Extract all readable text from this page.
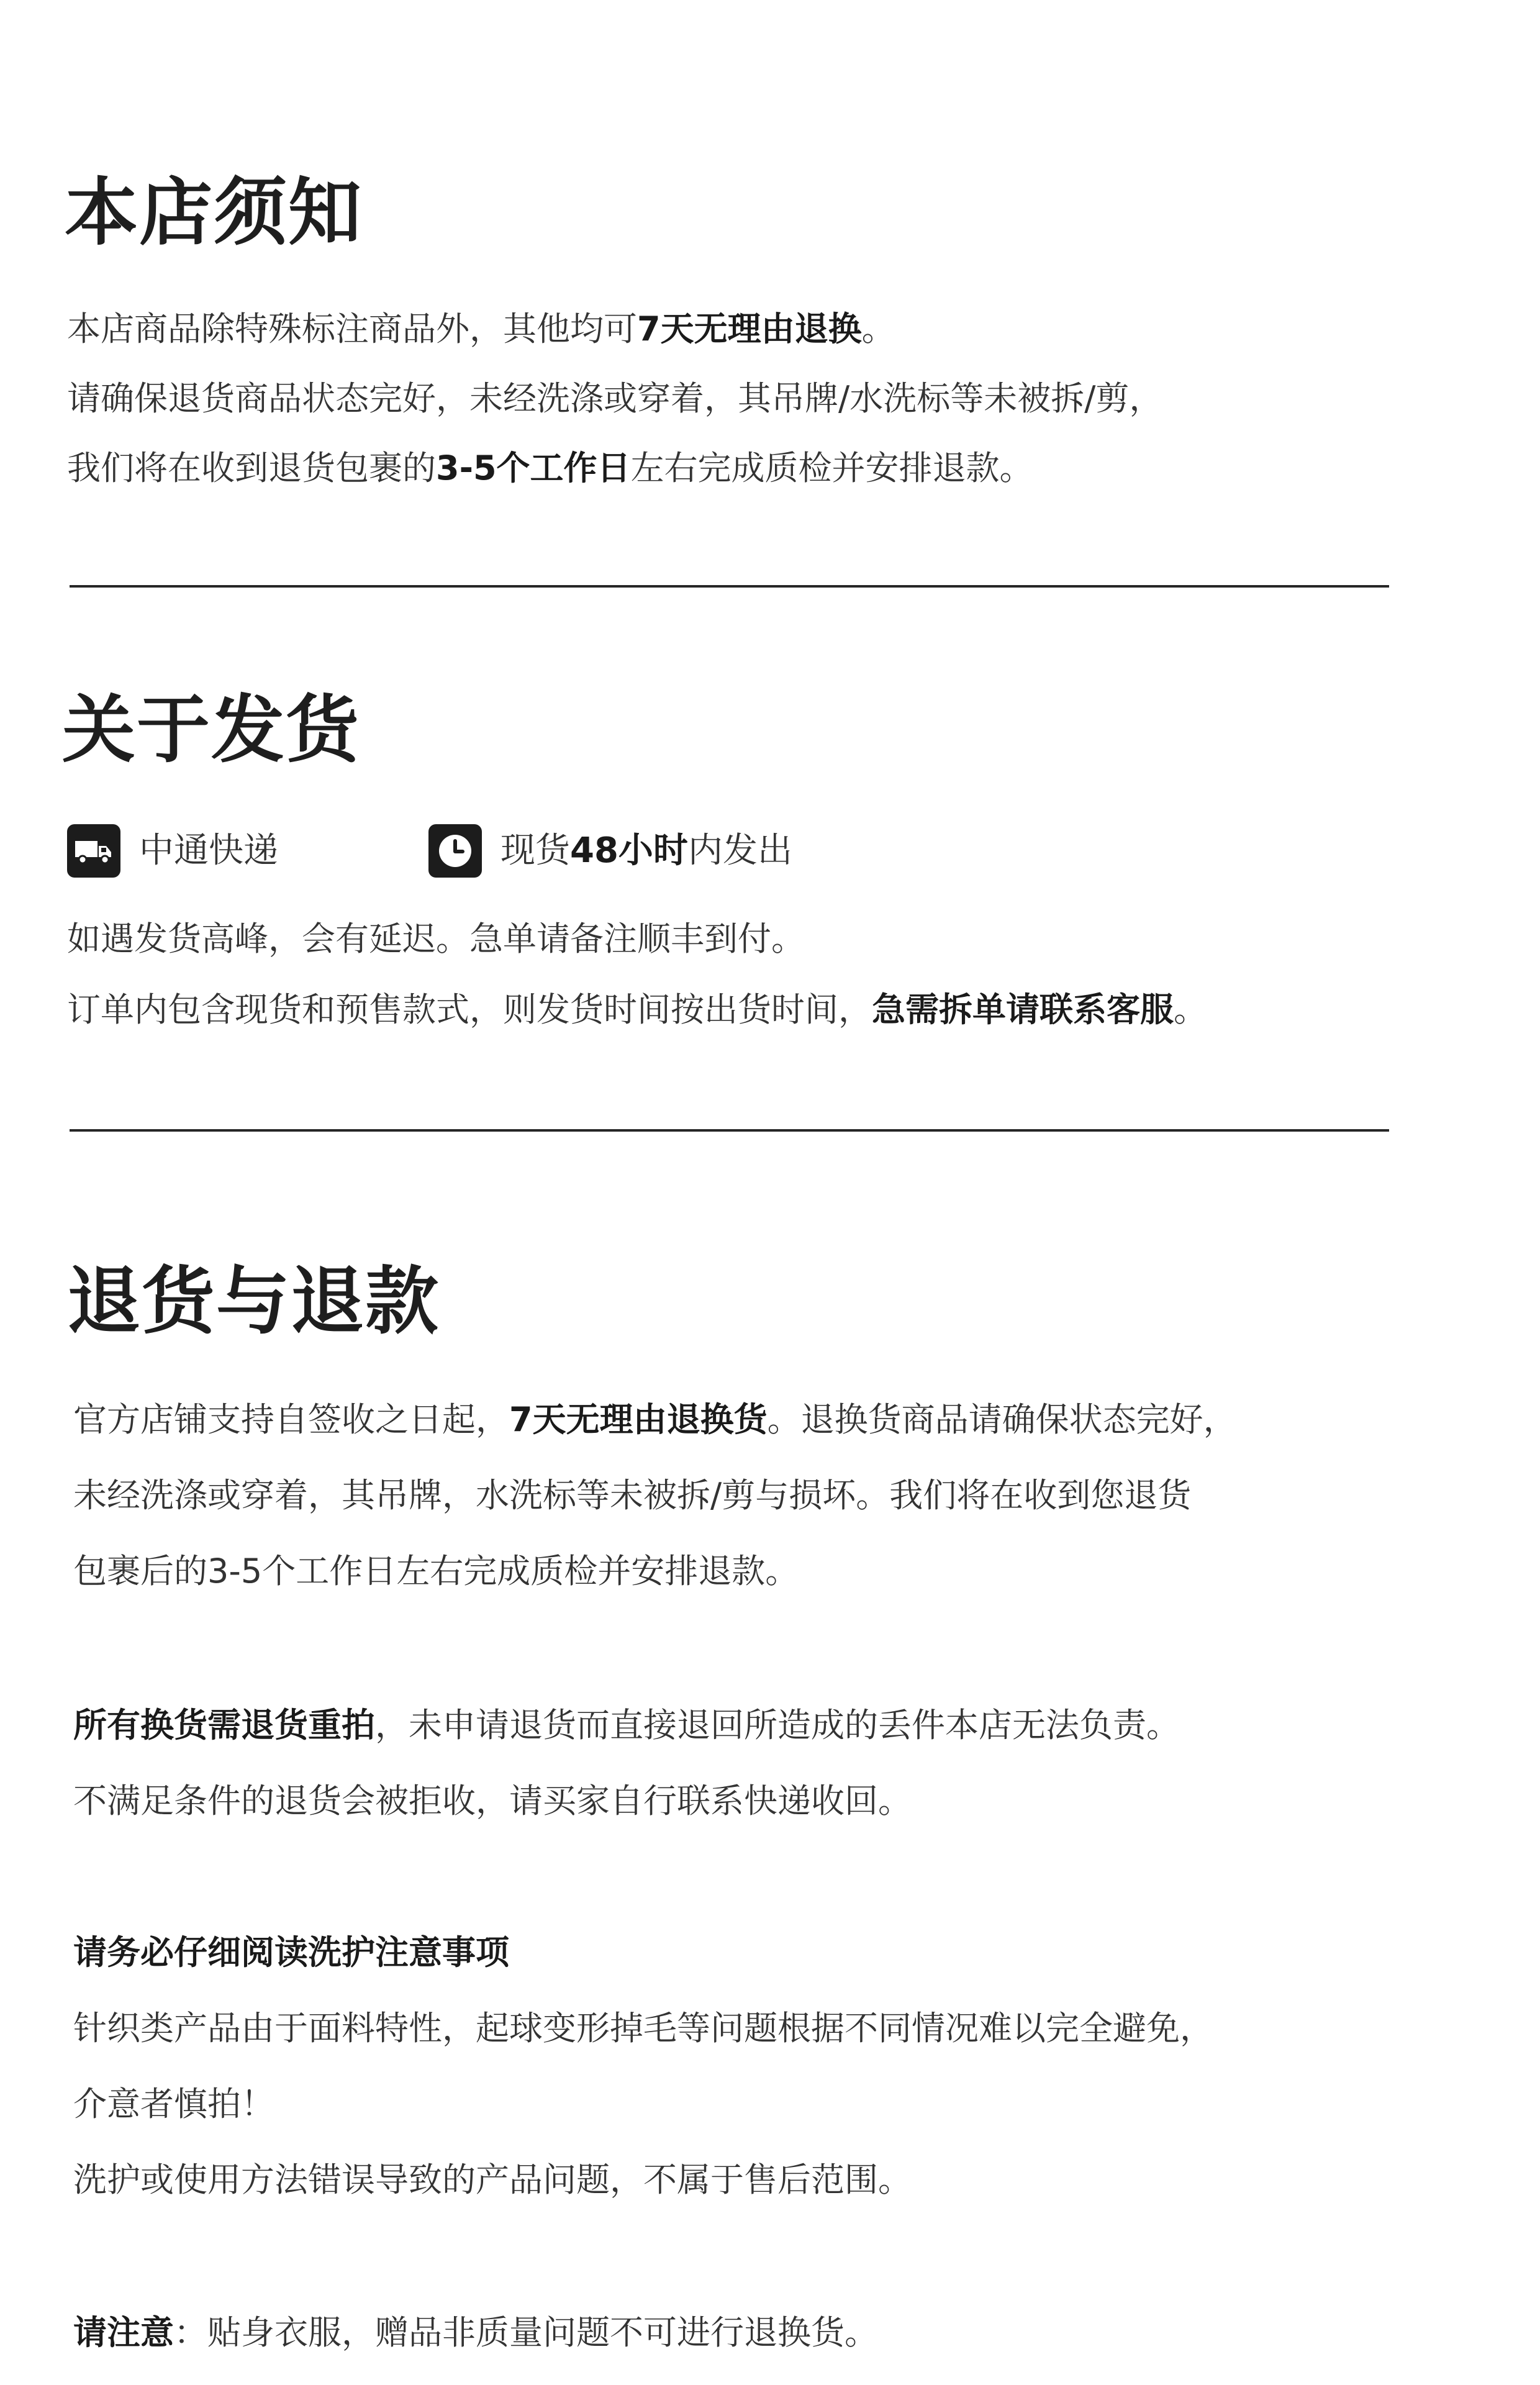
本店须知

本店商品除特殊标注商品外，其他均可7天无理由退换。

请确保退货商品状态完好，未经洗涤或穿着，其吊牌/水洗标等未被拆/剪，

我们将在收到退货包裹的3-5个工作日左右完成质检并安排退款。

关于发货
中通快递	现货48小时内发出

如遇发货高峰，会有延迟。急单请备注顺丰到付。

订单内包含现货和预售款式，则发货时间按出货时间，急需拆单请联系客服。

退货与退款

官方店铺支持自签收之日起，7天无理由退换货。退换货商品请确保状态完好，

未经洗涤或穿着，其吊牌，水洗标等未被拆/剪与损坏。我们将在收到您退货

包裹后的3-5个工作日左右完成质检并安排退款。

所有换货需退货重拍，未申请退货而直接退回所造成的丢件本店无法负责。

不满足条件的退货会被拒收，请买家自行联系快递收回。

请务必仔细阅读洗护注意事项

针织类产品由于面料特性，起球变形掉毛等问题根据不同情况难以完全避免，

介意者慎拍！

洗护或使用方法错误导致的产品问题，不属于售后范围。

请注意：贴身衣服，赠品非质量问题不可进行退换货。
